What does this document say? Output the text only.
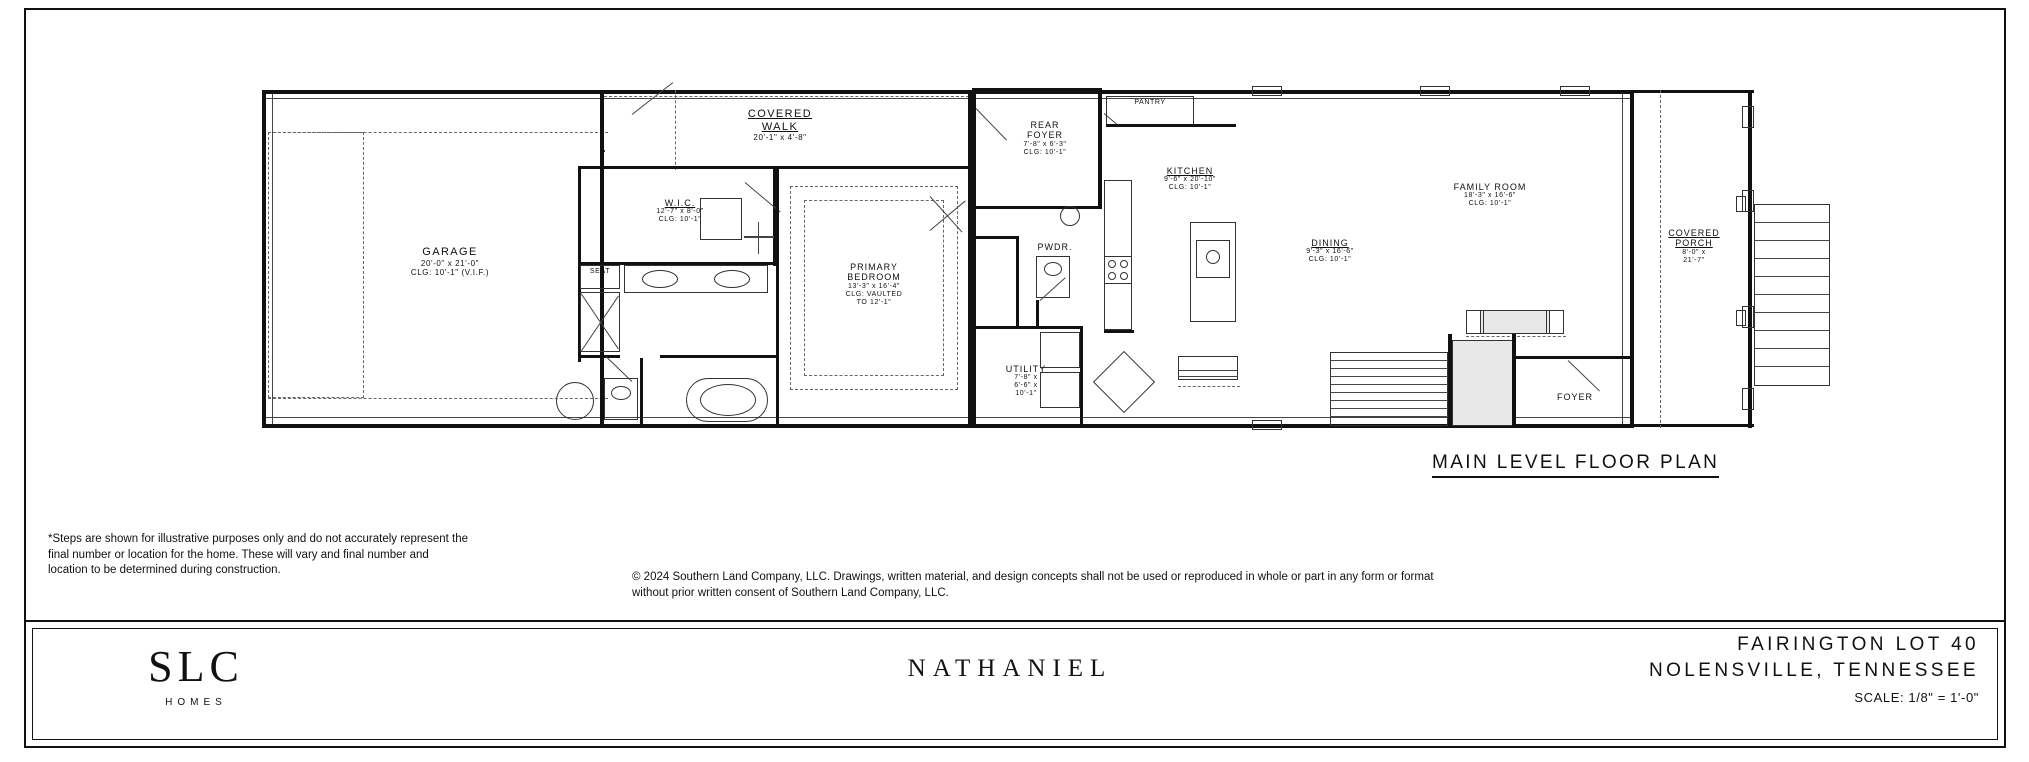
GARAGE
20'-0" x 21'-0"
CLG: 10'-1" (V.I.F.)
COVERED
WALK
20'-1" x 4'-8"
W.I.C.
12'-7" x 8'-0"
CLG: 10'-1"
SEAT	PRIMARY
BEDROOM
13'-3" x 16'-4"
CLG: VAULTED
TO 12'-1"
REAR
FOYER
7'-8" x 6'-3"
CLG: 10'-1"
PANTRY
KITCHEN
9'-6" x 20'-10"
CLG: 10'-1"
PWDR.
UTILITY
7'-8" x
6'-6" x
10'-1"
DINING
9'-3" x 16'-6"
CLG: 10'-1"
FAMILY ROOM
18'-3" x 16'-6"
CLG: 10'-1"
FOYER
COVERED
PORCH
8'-0" x
21'-7"
MAIN LEVEL FLOOR PLAN
*Steps are shown for illustrative purposes only and do not accurately represent the final number or location for the home. These will vary and final number and location to be determined during construction.
© 2024 Southern Land Company, LLC. Drawings, written material, and design concepts shall not be used or reproduced in whole or part in any form or format without prior written consent of Southern Land Company, LLC.
SLC
HOMES
NATHANIEL
FAIRINGTON LOT 40
NOLENSVILLE, TENNESSEE
SCALE: 1/8" = 1'-0"
